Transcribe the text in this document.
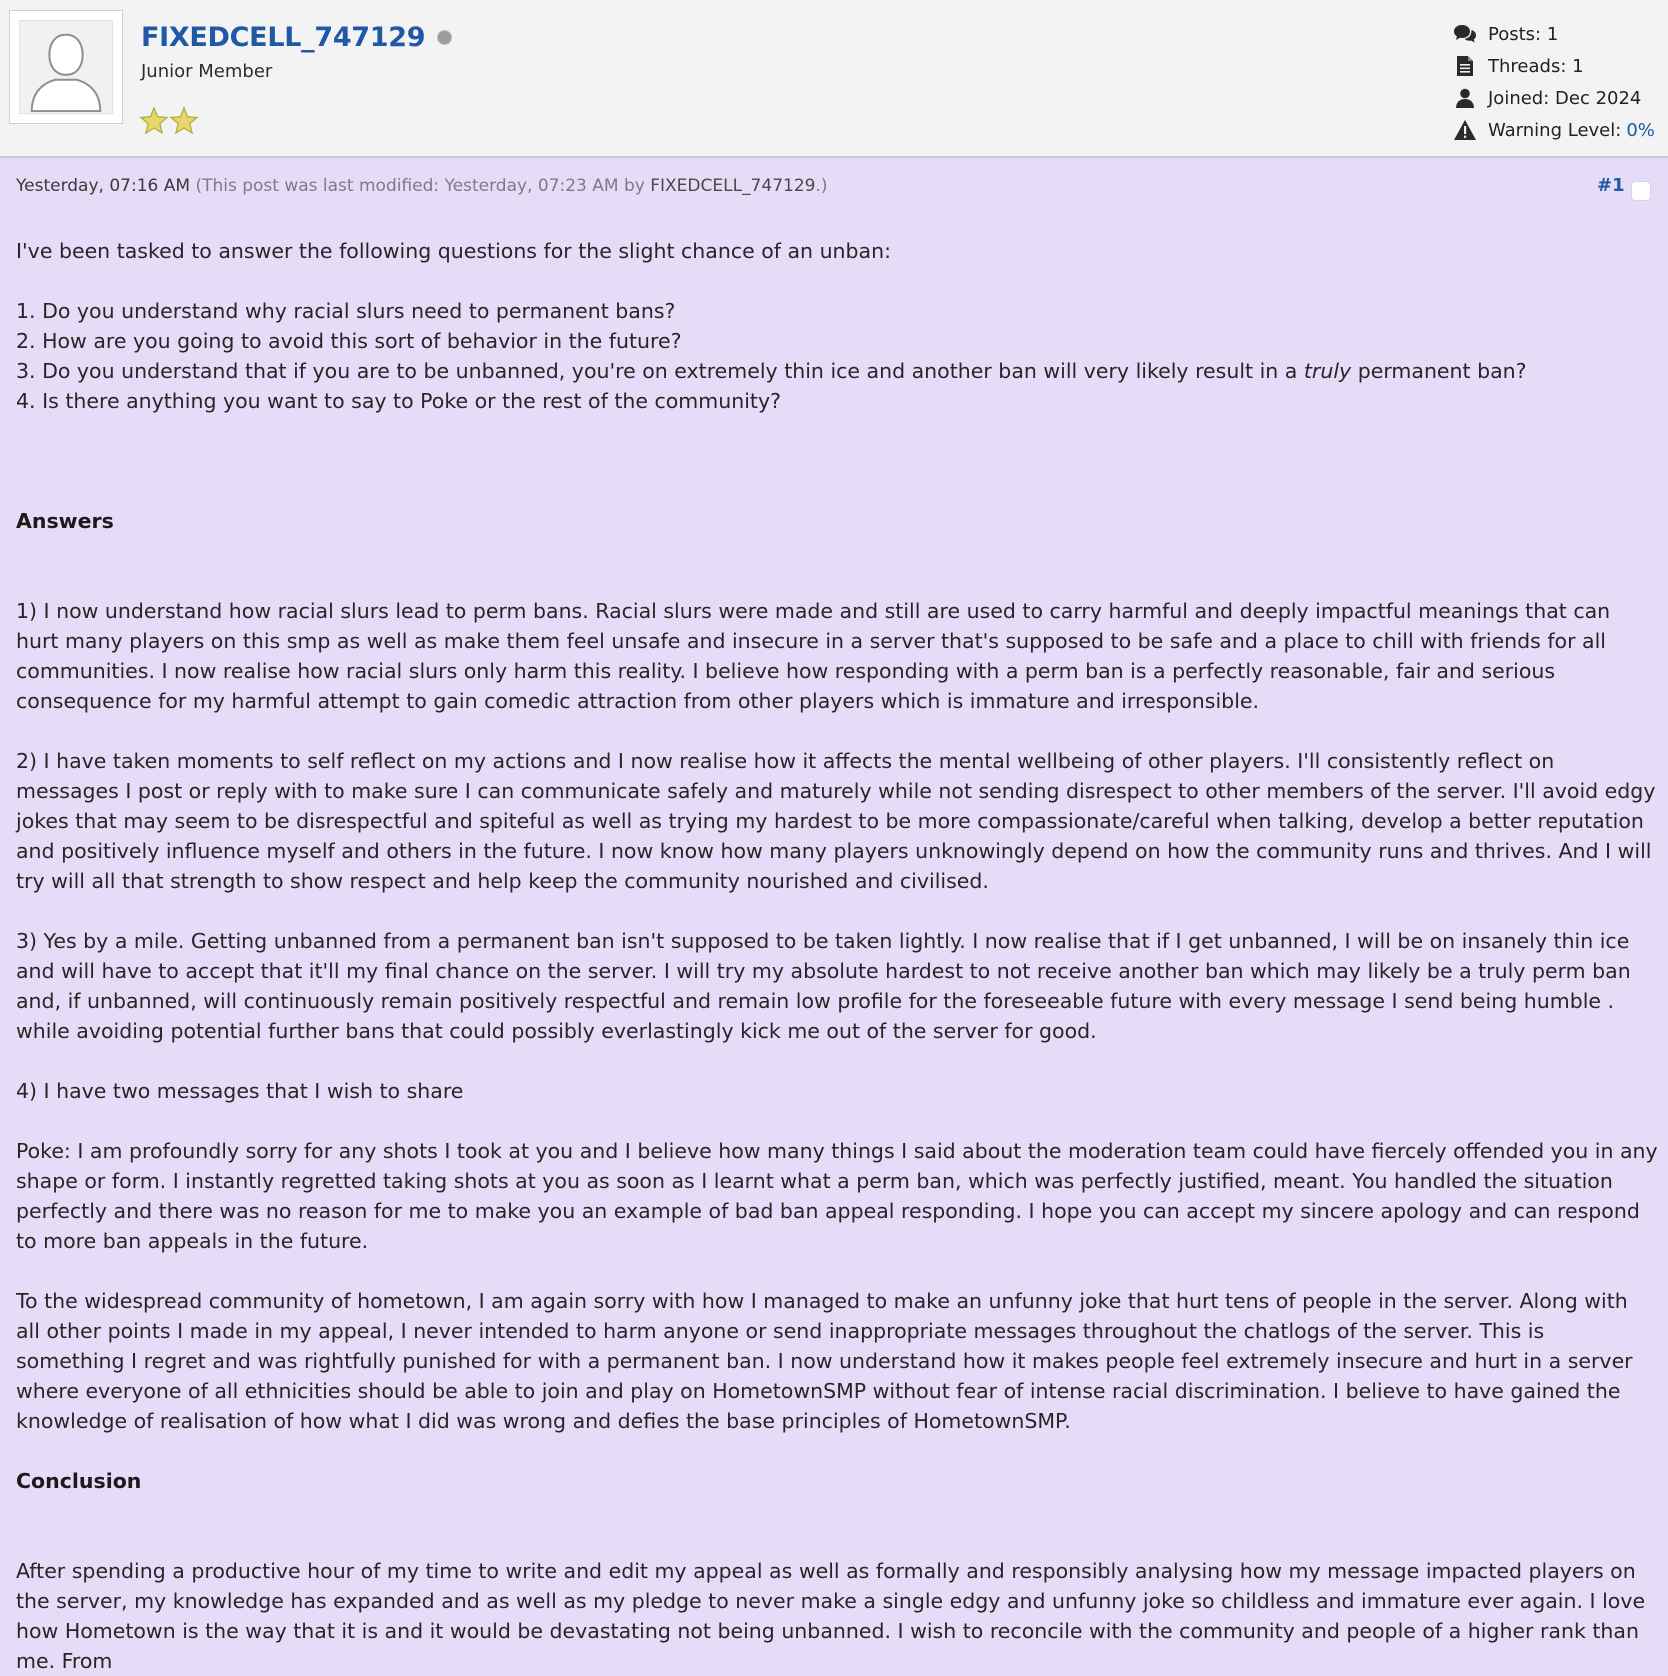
FIXEDCELL_747129
Junior Member
Posts: 1
Threads: 1
Joined: Dec 2024
Warning Level: 0%
Yesterday, 07:16 AM (This post was last modified: Yesterday, 07:23 AM by FIXEDCELL_747129.)	#1

I've been tasked to answer the following questions for the slight chance of an unban:

1. Do you understand why racial slurs need to permanent bans?

2. How are you going to avoid this sort of behavior in the future?

3. Do you understand that if you are to be unbanned, you're on extremely thin ice and another ban will very likely result in a truly permanent ban?

4. Is there anything you want to say to Poke or the rest of the community?

Answers

1) I now understand how racial slurs lead to perm bans. Racial slurs were made and still are used to carry harmful and deeply impactful meanings that can hurt many players on this smp as well as make them feel unsafe and insecure in a server that's supposed to be safe and a place to chill with friends for all communities. I now realise how racial slurs only harm this reality. I believe how responding with a perm ban is a perfectly reasonable, fair and serious consequence for my harmful attempt to gain comedic attraction from other players which is immature and irresponsible.

2) I have taken moments to self reflect on my actions and I now realise how it affects the mental wellbeing of other players. I'll consistently reflect on messages I post or reply with to make sure I can communicate safely and maturely while not sending disrespect to other members of the server. I'll avoid edgy jokes that may seem to be disrespectful and spiteful as well as trying my hardest to be more compassionate/careful when talking, develop a better reputation

and positively influence myself and others in the future. I now know how many players unknowingly depend on how the community runs and thrives. And I will try will all that strength to show respect and help keep the community nourished and civilised.

3) Yes by a mile. Getting unbanned from a permanent ban isn't supposed to be taken lightly. I now realise that if I get unbanned, I will be on insanely thin ice and will have to accept that it'll my final chance on the server. I will try my absolute hardest to not receive another ban which may likely be a truly perm ban and, if unbanned, will continuously remain positively respectful and remain low profile for the foreseeable future with every message I send being humble . while avoiding potential further bans that could possibly everlastingly kick me out of the server for good.

4) I have two messages that I wish to share

Poke: I am profoundly sorry for any shots I took at you and I believe how many things I said about the moderation team could have fiercely offended you in any shape or form. I instantly regretted taking shots at you as soon as I learnt what a perm ban, which was perfectly justified, meant. You handled the situation perfectly and there was no reason for me to make you an example of bad ban appeal responding. I hope you can accept my sincere apology and can respond to more ban appeals in the future.

To the widespread community of hometown, I am again sorry with how I managed to make an unfunny joke that hurt tens of people in the server. Along with all other points I made in my appeal, I never intended to harm anyone or send inappropriate messages throughout the chatlogs of the server. This is something I regret and was rightfully punished for with a permanent ban. I now understand how it makes people feel extremely insecure and hurt in a server where everyone of all ethnicities should be able to join and play on HometownSMP without fear of intense racial discrimination. I believe to have gained the knowledge of realisation of how what I did was wrong and defies the base principles of HometownSMP.

Conclusion

After spending a productive hour of my time to write and edit my appeal as well as formally and responsibly analysing how my message impacted players on the server, my knowledge has expanded and as well as my pledge to never make a single edgy and unfunny joke so childless and immature ever again. I love how Hometown is the way that it is and it would be devastating not being unbanned. I wish to reconcile with the community and people of a higher rank than me. From
